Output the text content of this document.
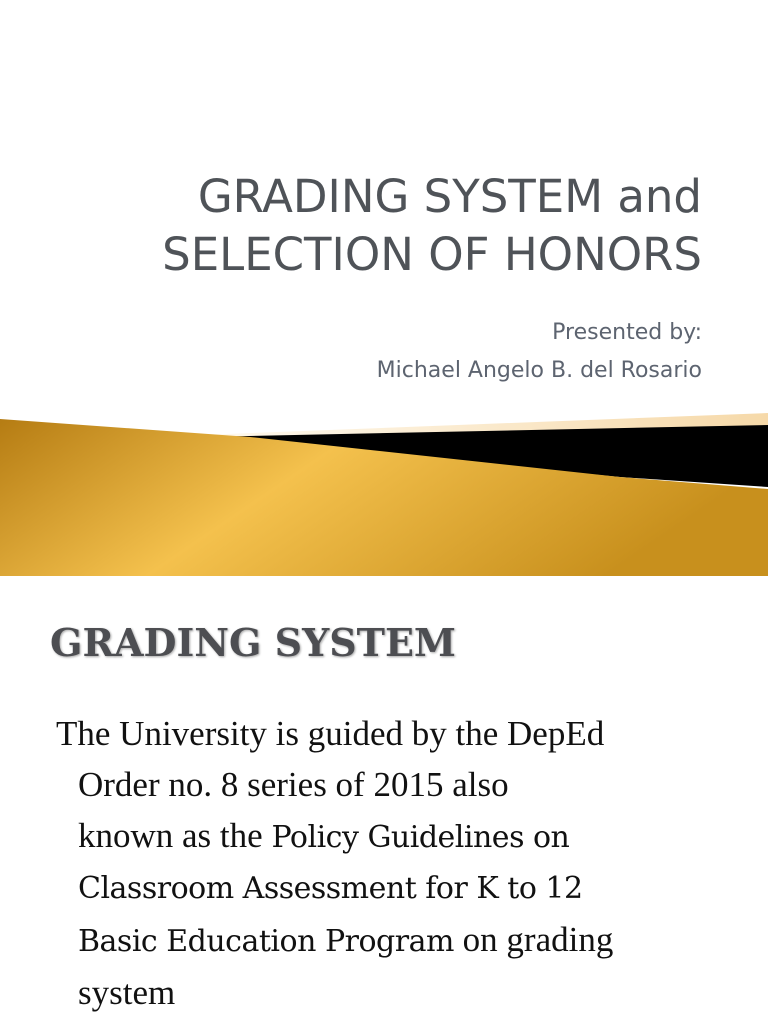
GRADING SYSTEM and
SELECTION OF HONORS
Presented by:
Michael Angelo B. del Rosario
GRADING SYSTEM
The University is guided by the DepEd
Order no. 8 series of 2015 also
known as the Policy Guidelines on
Classroom Assessment for K to 12
Basic Education Program on grading
system
